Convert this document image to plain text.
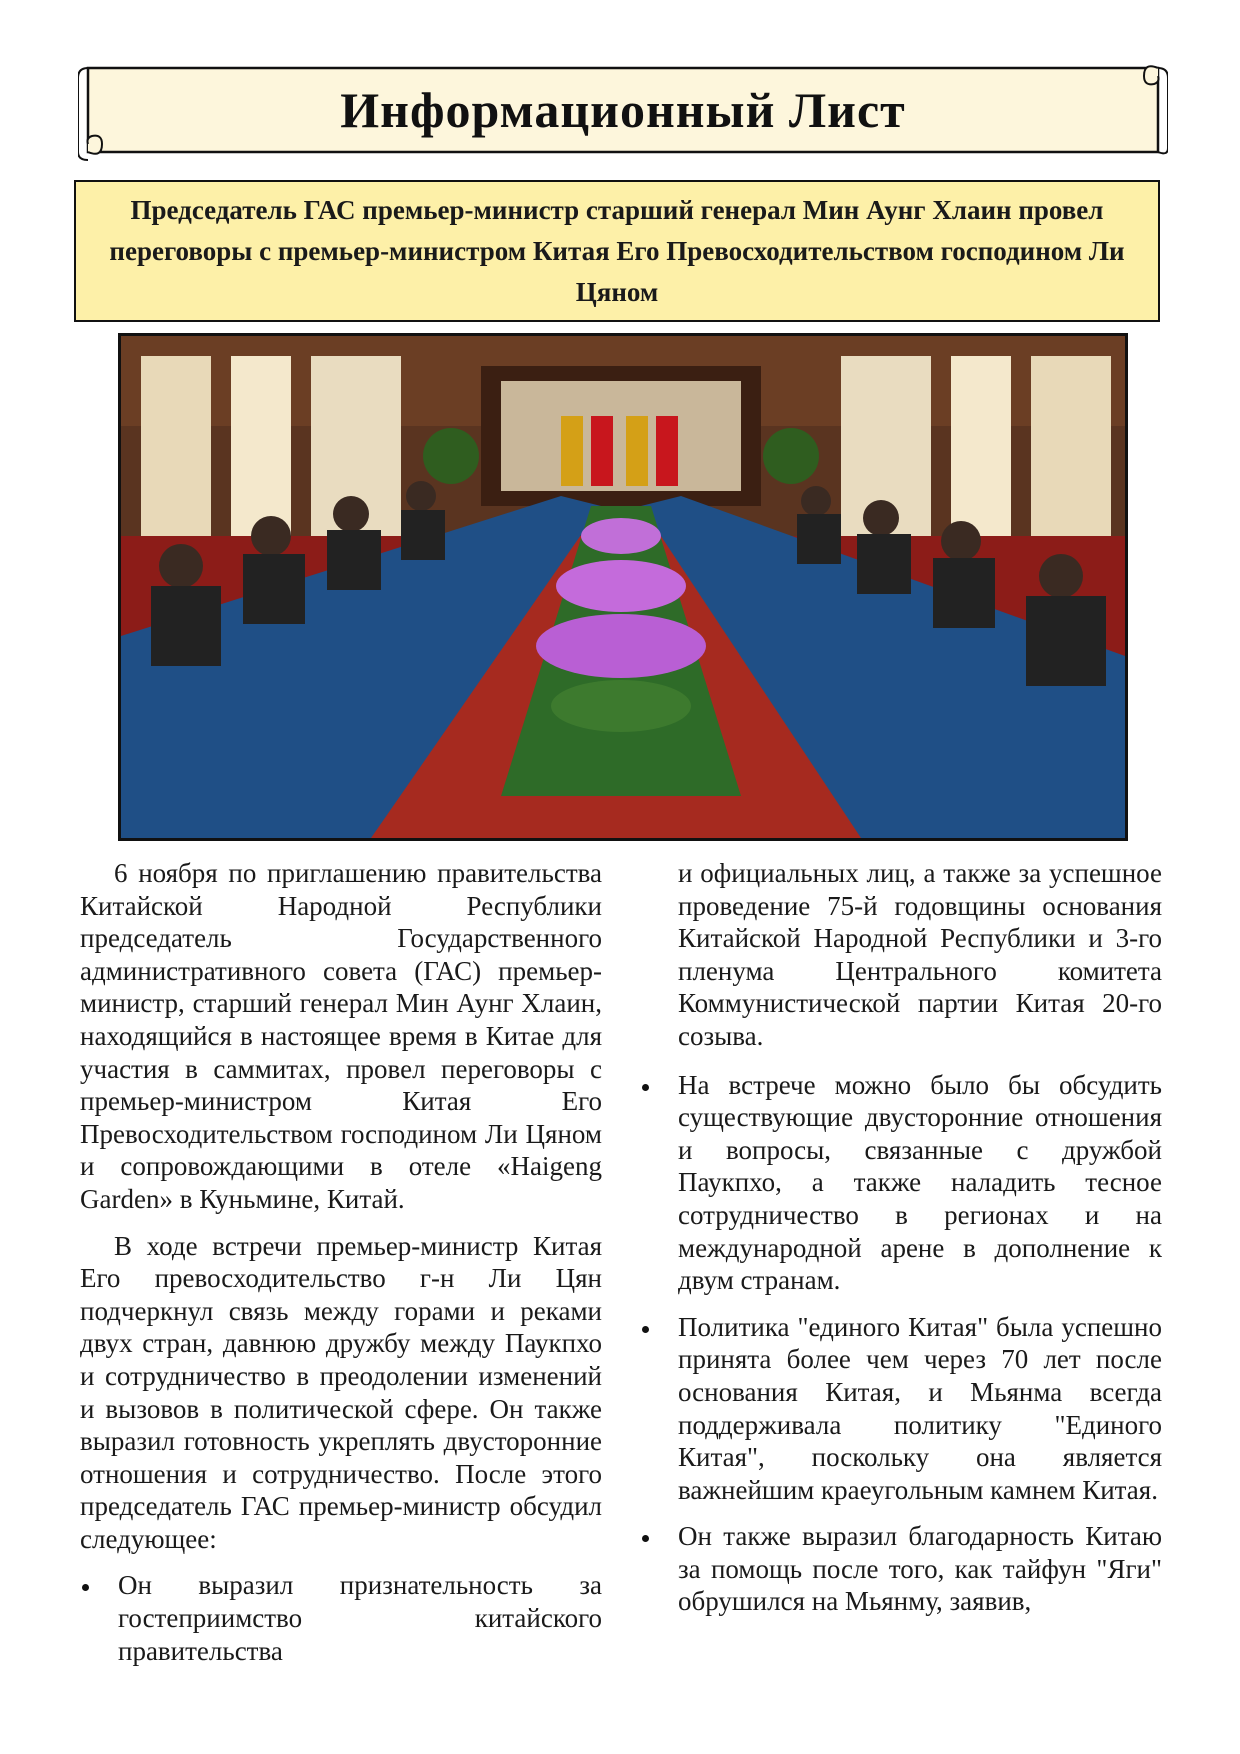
Информационный Лист
Председатель ГАС премьер-министр старший генерал Мин Аунг Хлаин провел переговоры с премьер-министром Китая Его Превосходительством господином Ли Цяном

6 ноября по приглашению правительства Китайской Народной Республики председатель Государственного административного совета (ГАС) премьер-министр, старший генерал Мин Аунг Хлаин, находящийся в настоящее время в Китае для участия в саммитах, провел переговоры с премьер-министром Китая Его Превосходительством господином Ли Цяном и сопровождающими в отеле «Haigeng Garden» в Куньмине, Китай.

В ходе встречи премьер-министр Китая Его превосходительство г-н Ли Цян подчеркнул связь между горами и реками двух стран, давнюю дружбу между Паукпхо и сотрудничество в преодолении изменений и вызовов в политической сфере. Он также выразил готовность укреплять двусторонние отношения и сотрудничество. После этого председатель ГАС премьер-министр обсудил следующее:

Он выразил признательность за гостеприимство китайского правительства

и официальных лиц, а также за успешное проведение 75-й годовщины основания Китайской Народной Республики и 3-го пленума Центрального комитета Коммунистической партии Китая 20-го созыва.

На встрече можно было бы обсудить существующие двусторонние отношения и вопросы, связанные с дружбой Паукпхо, а также наладить тесное сотрудничество в регионах и на международной арене в дополнение к двум странам.
Политика "единого Китая" была успешно принята более чем через 70 лет после основания Китая, и Мьянма всегда поддерживала политику "Единого Китая", поскольку она является важнейшим краеугольным камнем Китая.
Он также выразил благодарность Китаю за помощь после того, как тайфун "Яги" обрушился на Мьянму, заявив,
